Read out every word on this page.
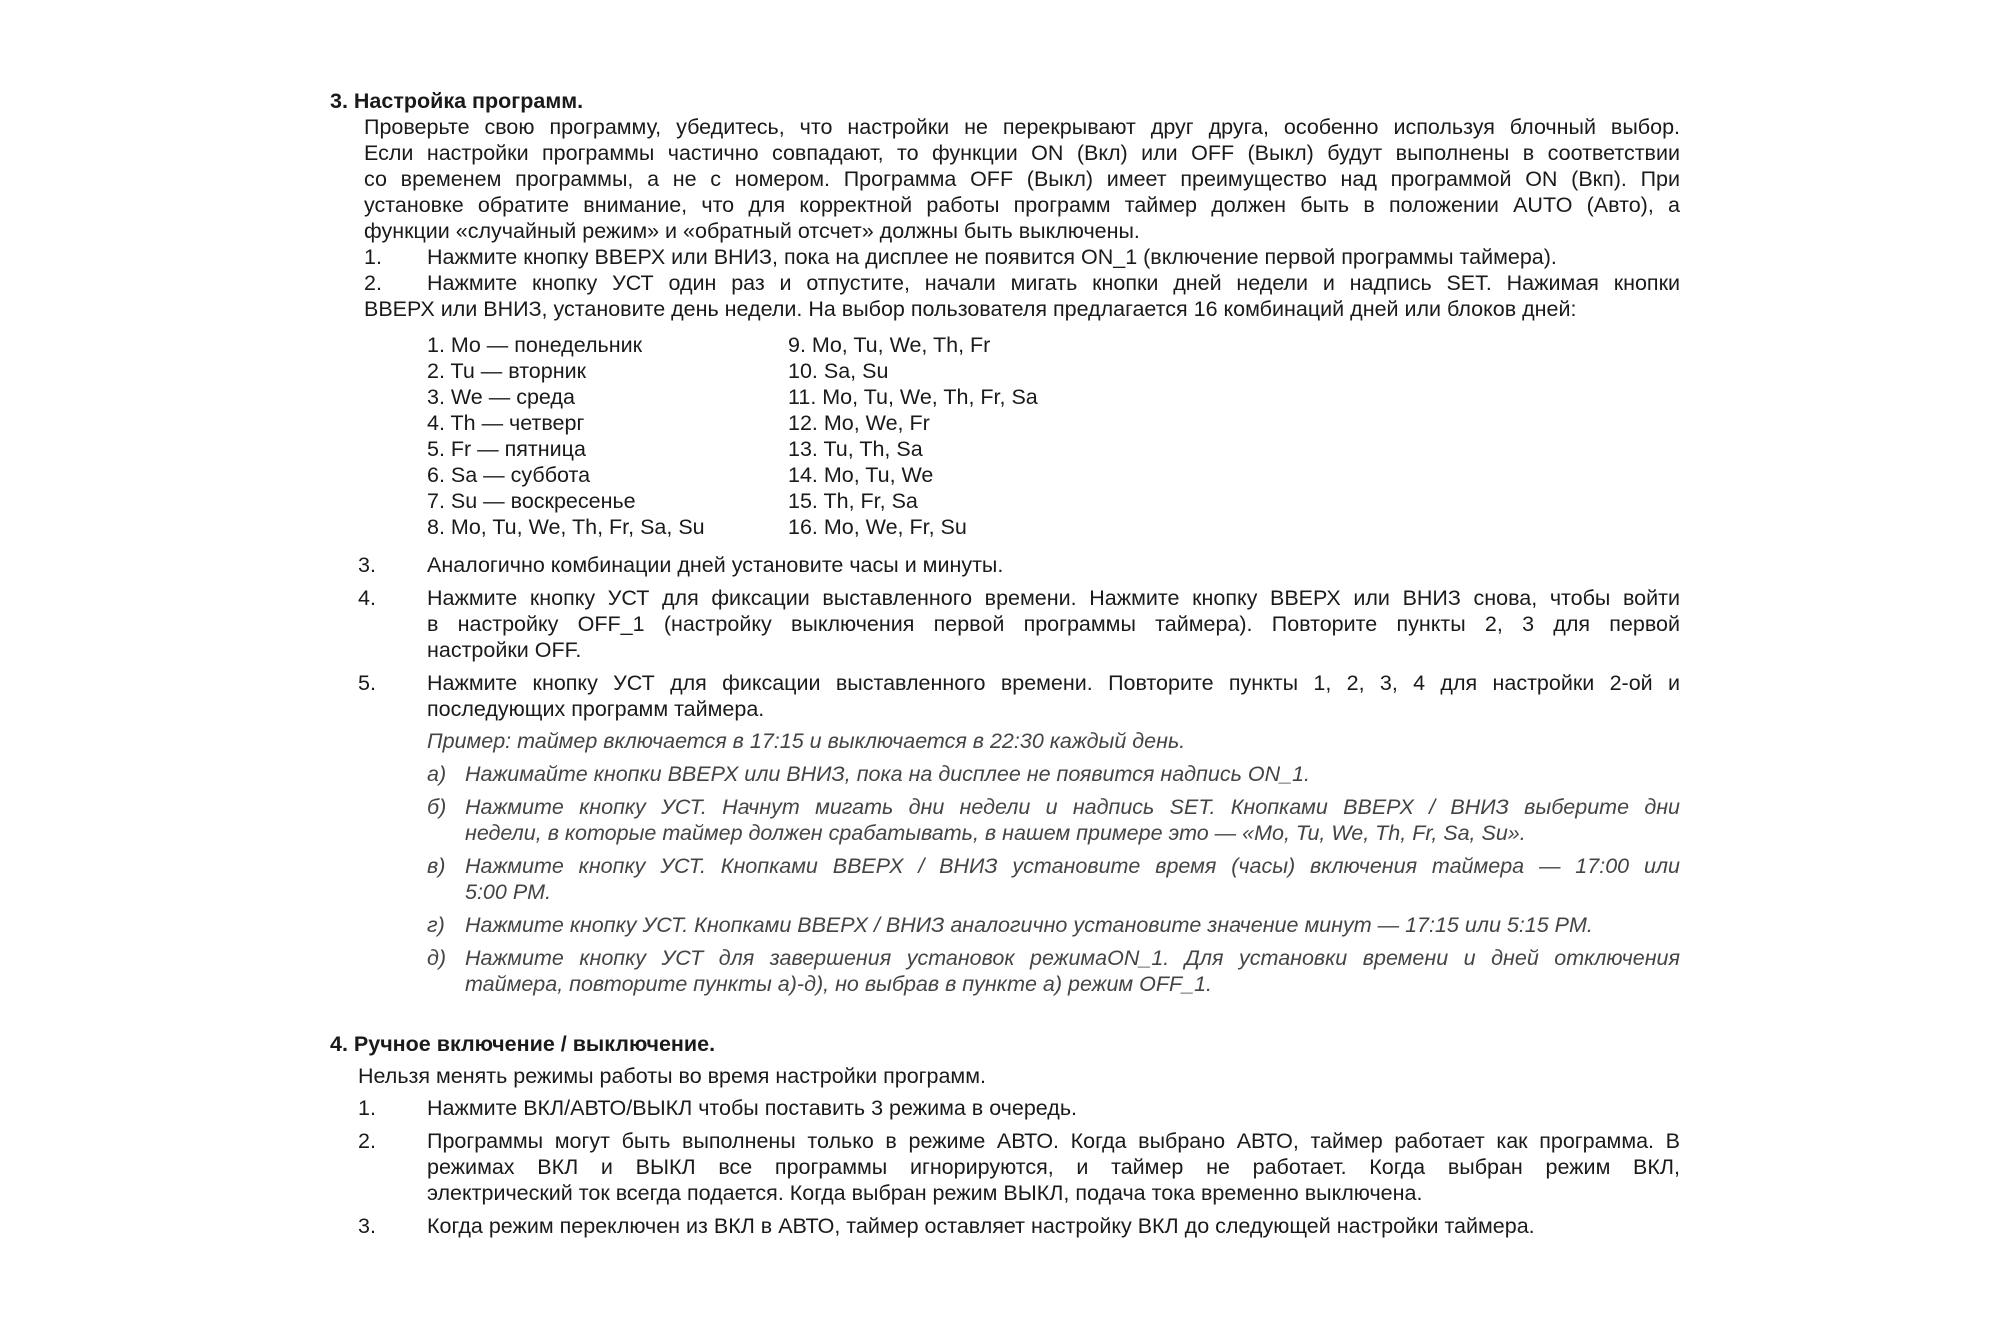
3. Настройка программ.
Проверьте свою программу, убедитесь, что настройки не перекрывают друг друга, особенно используя блочный выбор.
Если настройки программы частично совпадают, то функции ON (Вкл) или OFF (Выкл) будут выполнены в соответствии
со временем программы, а не с номером. Программа OFF (Выкл) имеет преимущество над программой ON (Вкп). При
установке обратите внимание, что для корректной работы программ таймер должен быть в положении AUTO (Авто), а
функции «случайный режим» и «обратный отсчет» должны быть выключены.
1. Нажмите кнопку ВВЕРХ или ВНИЗ, пока на дисплее не появится ON_1 (включение первой программы таймера).
2. Нажмите кнопку УСТ один раз и отпустите, начали мигать кнопки дней недели и надпись SET. Нажимая кнопки
ВВЕРХ или ВНИЗ, установите день недели. На выбор пользователя предлагается 16 комбинаций дней или блоков дней:
1. Mo — понедельник
2. Tu — вторник
3. We — среда
4. Th — четверг
5. Fr — пятница
6. Sa — суббота
7. Su — воскресенье
8. Mo, Tu, We, Th, Fr, Sa, Su
9. Mo, Tu, We, Th, Fr
10. Sa, Su
11. Mo, Tu, We, Th, Fr, Sa
12. Mo, We, Fr
13. Tu, Th, Sa
14. Mo, Tu, We
15. Th, Fr, Sa
16. Mo, We, Fr, Su
3. Аналогично комбинации дней установите часы и минуты.
4. Нажмите кнопку УСТ для фиксации выставленного времени. Нажмите кнопку ВВЕРХ или ВНИЗ снова, чтобы войти
в настройку OFF_1 (настройку выключения первой программы таймера). Повторите пункты 2, 3 для первой
настройки OFF.
5. Нажмите кнопку УСТ для фиксации выставленного времени. Повторите пункты 1, 2, 3, 4 для настройки 2-ой и
последующих программ таймера.
Пример: таймер включается в 17:15 и выключается в 22:30 каждый день.
а) Нажимайте кнопки ВВЕРХ или ВНИЗ, пока на дисплее не появится надпись ON_1.
б) Нажмите кнопку УСТ. Начнут мигать дни недели и надпись SET. Кнопками ВВЕРХ / ВНИЗ выберите дни
недели, в которые таймер должен срабатывать, в нашем примере это — «Mo, Tu, We, Th, Fr, Sa, Su».
в) Нажмите кнопку УСТ. Кнопками ВВЕРХ / ВНИЗ установите время (часы) включения таймера — 17:00 или
5:00 PM.
г) Нажмите кнопку УСТ. Кнопками ВВЕРХ / ВНИЗ аналогично установите значение минут — 17:15 или 5:15 PM.
д) Нажмите кнопку УСТ для завершения установок режимаON_1. Для установки времени и дней отключения
таймера, повторите пункты а)-д), но выбрав в пункте а) режим OFF_1.
4. Ручное включение / выключение.
Нельзя менять режимы работы во время настройки программ.
1. Нажмите ВКЛ/АВТО/ВЫКЛ чтобы поставить 3 режима в очередь.
2. Программы могут быть выполнены только в режиме АВТО. Когда выбрано АВТО, таймер работает как программа. В
режимах ВКЛ и ВЫКЛ все программы игнорируются, и таймер не работает. Когда выбран режим ВКЛ,
электрический ток всегда подается. Когда выбран режим ВЫКЛ, подача тока временно выключена.
3. Когда режим переключен из ВКЛ в АВТО, таймер оставляет настройку ВКЛ до следующей настройки таймера.
